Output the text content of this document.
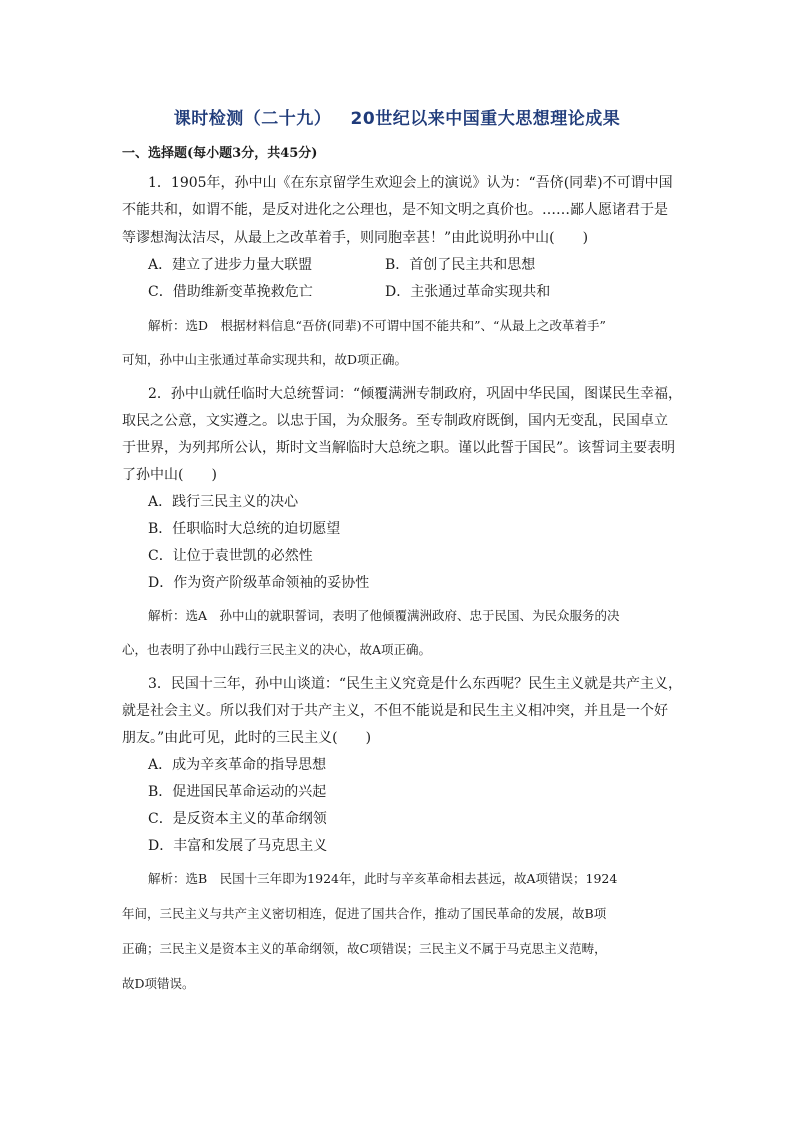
课时检测（二十九）   20世纪以来中国重大思想理论成果
一、选择题(每小题3分，共45分)
1．1905年，孙中山《在东京留学生欢迎会上的演说》认为：“吾侪(同辈)不可谓中国
不能共和，如谓不能，是反对进化之公理也，是不知文明之真价也。……鄙人愿诸君于是
等谬想淘汰洁尽，从最上之改革着手，则同胞幸甚！”由此说明孙中山(　　)
A．建立了进步力量大联盟	B．首创了民主共和思想
C．借助维新变革挽救危亡	D．主张通过革命实现共和
解析：选D　根据材料信息“吾侪(同辈)不可谓中国不能共和”、“从最上之改革着手”
可知，孙中山主张通过革命实现共和，故D项正确。
2．孙中山就任临时大总统誓词：“倾覆满洲专制政府，巩固中华民国，图谋民生幸福，
取民之公意，文实遵之。以忠于国，为众服务。至专制政府既倒，国内无变乱，民国卓立
于世界，为列邦所公认，斯时文当解临时大总统之职。谨以此誓于国民”。该誓词主要表明
了孙中山(　　)
A．践行三民主义的决心
B．任职临时大总统的迫切愿望
C．让位于袁世凯的必然性
D．作为资产阶级革命领袖的妥协性
解析：选A　孙中山的就职誓词，表明了他倾覆满洲政府、忠于民国、为民众服务的决
心，也表明了孙中山践行三民主义的决心，故A项正确。
3．民国十三年，孙中山谈道：“民生主义究竟是什么东西呢？民生主义就是共产主义，
就是社会主义。所以我们对于共产主义，不但不能说是和民生主义相冲突，并且是一个好
朋友。”由此可见，此时的三民主义(　　)
A．成为辛亥革命的指导思想
B．促进国民革命运动的兴起
C．是反资本主义的革命纲领
D．丰富和发展了马克思主义
解析：选B　民国十三年即为1924年，此时与辛亥革命相去甚远，故A项错误；1924
年间，三民主义与共产主义密切相连，促进了国共合作，推动了国民革命的发展，故B项
正确；三民主义是资本主义的革命纲领，故C项错误；三民主义不属于马克思主义范畴，
故D项错误。
